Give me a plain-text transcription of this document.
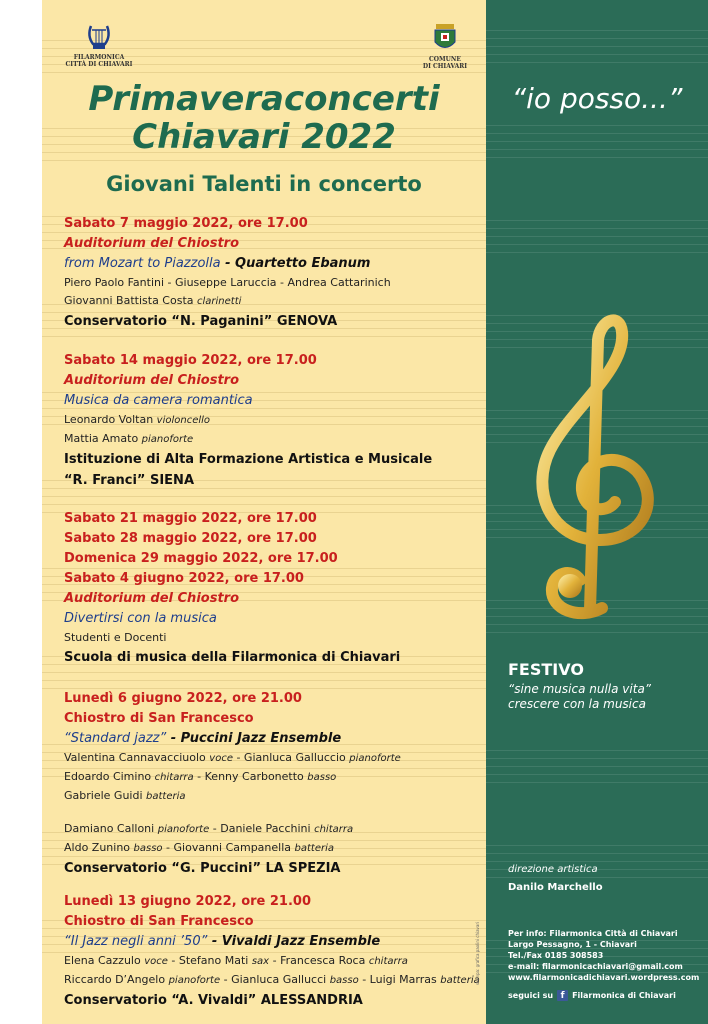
FILARMONICA
CITTÀ DI CHIAVARI
COMUNE
DI CHIAVARI
Primaveraconcerti
Chiavari 2022
Giovani Talenti in concerto
Sabato 7 maggio 2022, ore 17.00
Auditorium del Chiostro
from Mozart to Piazzolla - Quartetto Ebanum
Piero Paolo Fantini - Giuseppe Laruccia - Andrea Cattarinich
Giovanni Battista Costa clarinetti
Conservatorio “N. Paganini” GENOVA
Sabato 14 maggio 2022, ore 17.00
Auditorium del Chiostro
Musica da camera romantica
Leonardo Voltan violoncello
Mattia Amato pianoforte
Istituzione di Alta Formazione Artistica e Musicale
“R. Franci” SIENA
Sabato 21 maggio 2022, ore 17.00
Sabato 28 maggio 2022, ore 17.00
Domenica 29 maggio 2022, ore 17.00
Sabato 4 giugno 2022, ore 17.00
Auditorium del Chiostro
Divertirsi con la musica
Studenti e Docenti
Scuola di musica della Filarmonica di Chiavari
Lunedì 6 giugno 2022, ore 21.00
Chiostro di San Francesco
“Standard jazz” - Puccini Jazz Ensemble
Valentina Cannavacciuolo voce - Gianluca Galluccio pianoforte
Edoardo Cimino chitarra - Kenny Carbonetto basso
Gabriele Guidi batteria
Damiano Calloni pianoforte - Daniele Pacchini chitarra
Aldo Zunino basso - Giovanni Campanella batteria
Conservatorio “G. Puccini” LA SPEZIA
Lunedì 13 giugno 2022, ore 21.00
Chiostro di San Francesco
“Il Jazz negli anni ’50” - Vivaldi Jazz Ensemble
Elena Cazzulo voce - Stefano Mati sax - Francesca Roca chitarra
Riccardo D’Angelo pianoforte - Gianluca Gallucci basso - Luigi Marras batteria
Conservatorio “A. Vivaldi” ALESSANDRIA
stampa: grafica paolini chiavari
“io posso...”
FESTIVO
“sine musica nulla vita”
crescere con la musica
direzione artistica
Danilo Marchello
Per info: Filarmonica Città di Chiavari
Largo Pessagno, 1 - Chiavari
Tel./Fax 0185 308583
e-mail: filarmonicachiavari@gmail.com
www.filarmonicadichiavari.wordpress.com
seguici su f Filarmonica di Chiavari
